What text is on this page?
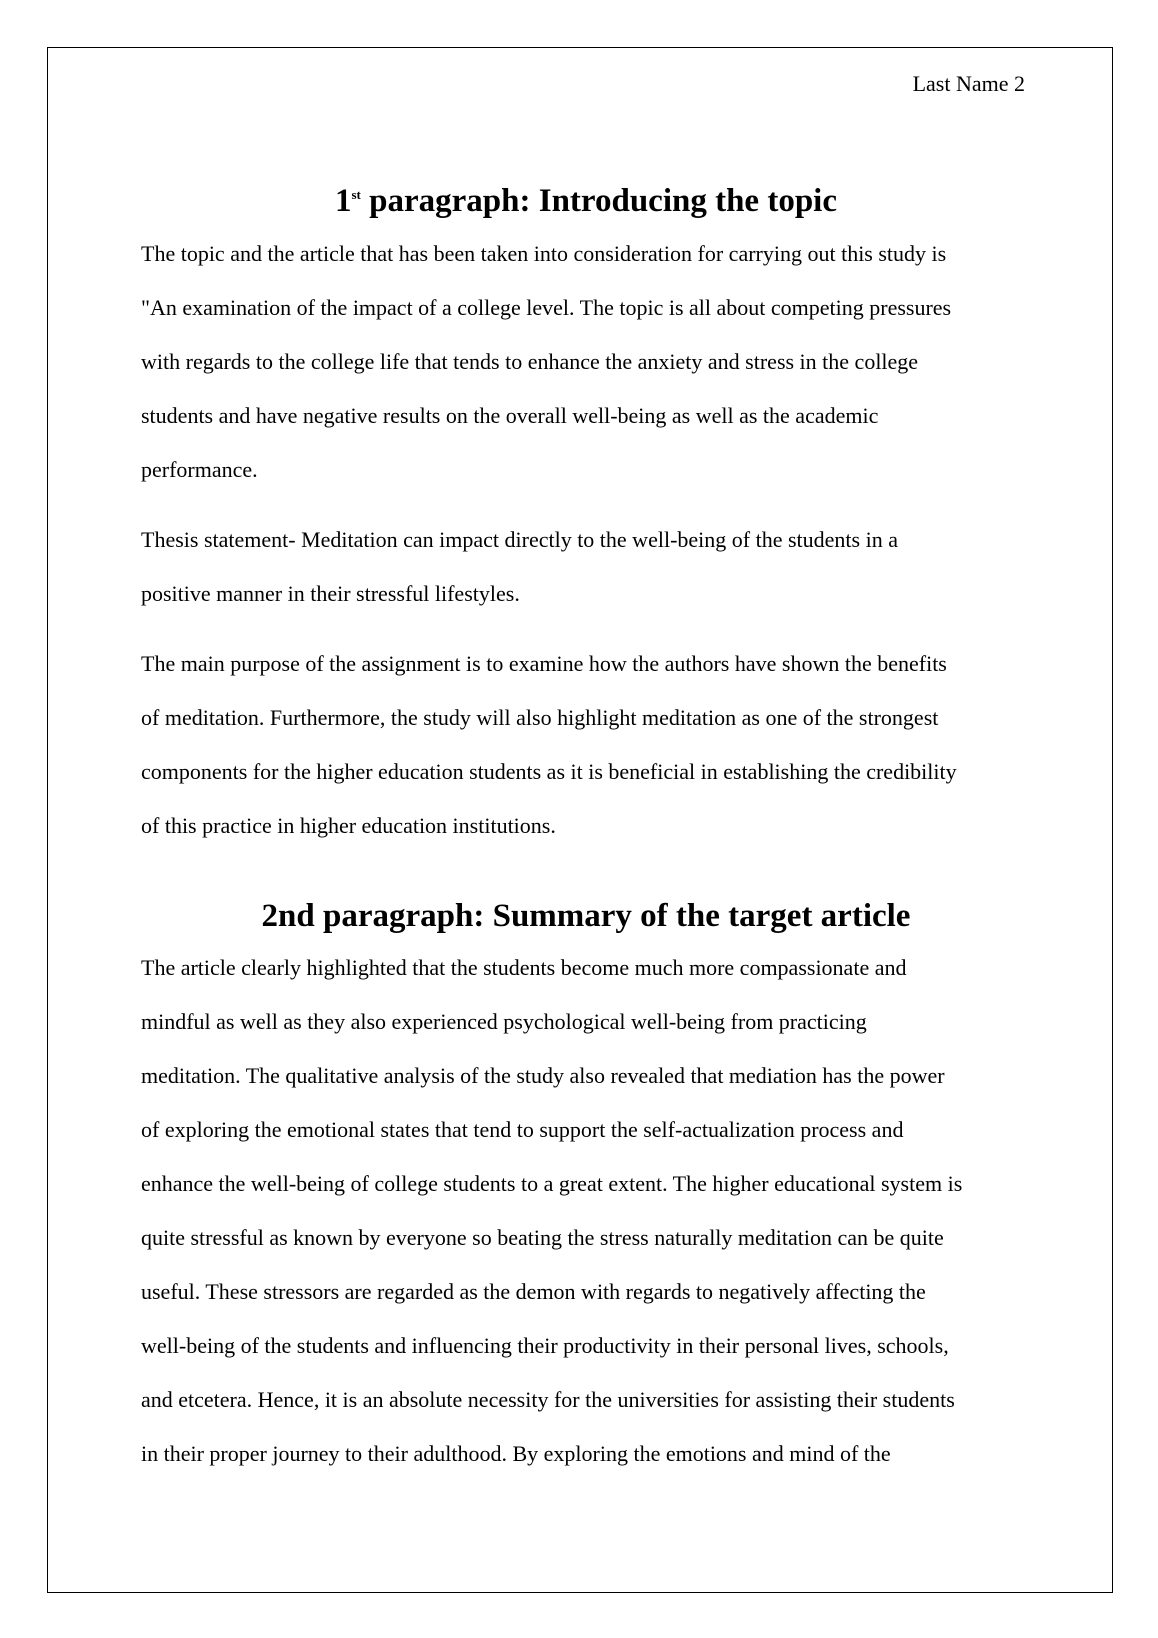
Last Name 2
1st paragraph: Introducing the topic

The topic and the article that has been taken into consideration for carrying out this study is
"An examination of the impact of a college level. The topic is all about competing pressures
with regards to the college life that tends to enhance the anxiety and stress in the college
students and have negative results on the overall well-being as well as the academic
performance.

Thesis statement- Meditation can impact directly to the well-being of the students in a
positive manner in their stressful lifestyles.

The main purpose of the assignment is to examine how the authors have shown the benefits
of meditation. Furthermore, the study will also highlight meditation as one of the strongest
components for the higher education students as it is beneficial in establishing the credibility
of this practice in higher education institutions.

2nd paragraph: Summary of the target article

The article clearly highlighted that the students become much more compassionate and
mindful as well as they also experienced psychological well-being from practicing
meditation. The qualitative analysis of the study also revealed that mediation has the power
of exploring the emotional states that tend to support the self-actualization process and
enhance the well-being of college students to a great extent. The higher educational system is
quite stressful as known by everyone so beating the stress naturally meditation can be quite
useful. These stressors are regarded as the demon with regards to negatively affecting the
well-being of the students and influencing their productivity in their personal lives, schools,
and etcetera. Hence, it is an absolute necessity for the universities for assisting their students
in their proper journey to their adulthood. By exploring the emotions and mind of the
